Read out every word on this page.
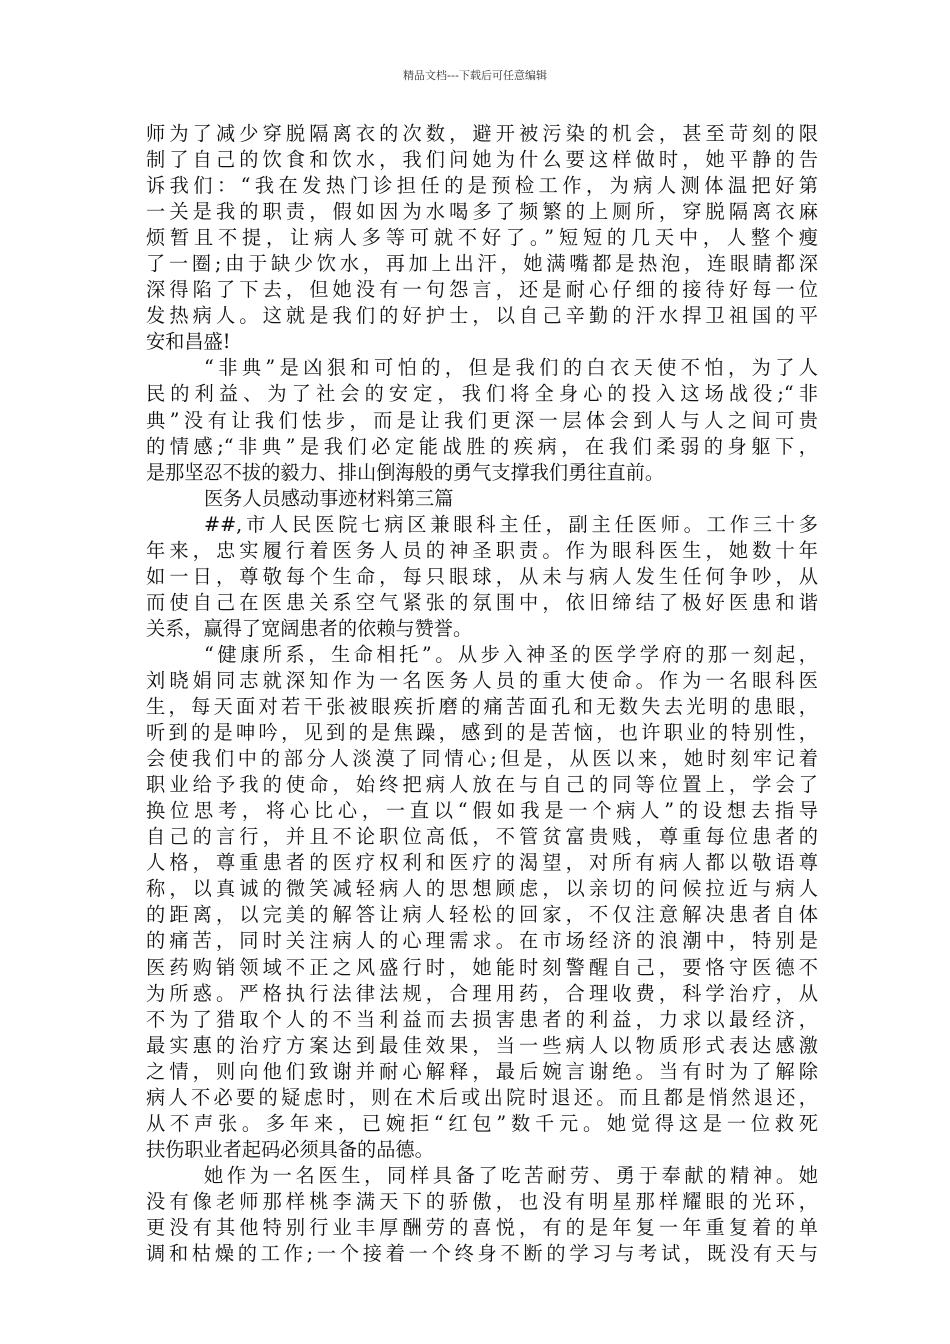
精品文档---下载后可任意编辑
师为了减少穿脱隔离衣的次数，避开被污染的机会，甚至苛刻的限
制了自己的饮食和饮水，我们问她为什么要这样做时，她平静的告
诉我们：“我在发热门诊担任的是预检工作，为病人测体温把好第
一关是我的职责，假如因为水喝多了频繁的上厕所，穿脱隔离衣麻
烦暂且不提，让病人多等可就不好了。”短短的几天中，人整个瘦
了一圈;由于缺少饮水，再加上出汗，她满嘴都是热泡，连眼睛都深
深得陷了下去，但她没有一句怨言，还是耐心仔细的接待好每一位
发热病人。这就是我们的好护士，以自己辛勤的汗水捍卫祖国的平
安和昌盛!
“非典”是凶狠和可怕的，但是我们的白衣天使不怕，为了人
民的利益、为了社会的安定，我们将全身心的投入这场战役;“非
典”没有让我们怯步，而是让我们更深一层体会到人与人之间可贵
的情感;“非典”是我们必定能战胜的疾病，在我们柔弱的身躯下，
是那坚忍不拔的毅力、排山倒海般的勇气支撑我们勇往直前。
医务人员感动事迹材料第三篇
##,市人民医院七病区兼眼科主任，副主任医师。工作三十多
年来，忠实履行着医务人员的神圣职责。作为眼科医生，她数十年
如一日，尊敬每个生命，每只眼球，从未与病人发生任何争吵，从
而使自己在医患关系空气紧张的氛围中，依旧缔结了极好医患和谐
关系，赢得了宽阔患者的依赖与赞誉。
“健康所系，生命相托”。从步入神圣的医学学府的那一刻起，
刘晓娟同志就深知作为一名医务人员的重大使命。作为一名眼科医
生，每天面对若干张被眼疾折磨的痛苦面孔和无数失去光明的患眼，
听到的是呻吟，见到的是焦躁，感到的是苦恼，也许职业的特别性，
会使我们中的部分人淡漠了同情心;但是，从医以来，她时刻牢记着
职业给予我的使命，始终把病人放在与自己的同等位置上，学会了
换位思考，将心比心，一直以“假如我是一个病人”的设想去指导
自己的言行，并且不论职位高低，不管贫富贵贱，尊重每位患者的
人格，尊重患者的医疗权利和医疗的渴望，对所有病人都以敬语尊
称，以真诚的微笑减轻病人的思想顾虑，以亲切的问候拉近与病人
的距离，以完美的解答让病人轻松的回家，不仅注意解决患者自体
的痛苦，同时关注病人的心理需求。在市场经济的浪潮中，特别是
医药购销领域不正之风盛行时，她能时刻警醒自己，要恪守医德不
为所惑。严格执行法律法规，合理用药，合理收费，科学治疗，从
不为了猎取个人的不当利益而去损害患者的利益，力求以最经济，
最实惠的治疗方案达到最佳效果，当一些病人以物质形式表达感激
之情，则向他们致谢并耐心解释，最后婉言谢绝。当有时为了解除
病人不必要的疑虑时，则在术后或出院时退还。而且都是悄然退还，
从不声张。多年来，已婉拒“红包”数千元。她觉得这是一位救死
扶伤职业者起码必须具备的品德。
她作为一名医生，同样具备了吃苦耐劳、勇于奉献的精神。她
没有像老师那样桃李满天下的骄傲，也没有明星那样耀眼的光环，
更没有其他特别行业丰厚酬劳的喜悦，有的是年复一年重复着的单
调和枯燥的工作;一个接着一个终身不断的学习与考试，既没有天与
